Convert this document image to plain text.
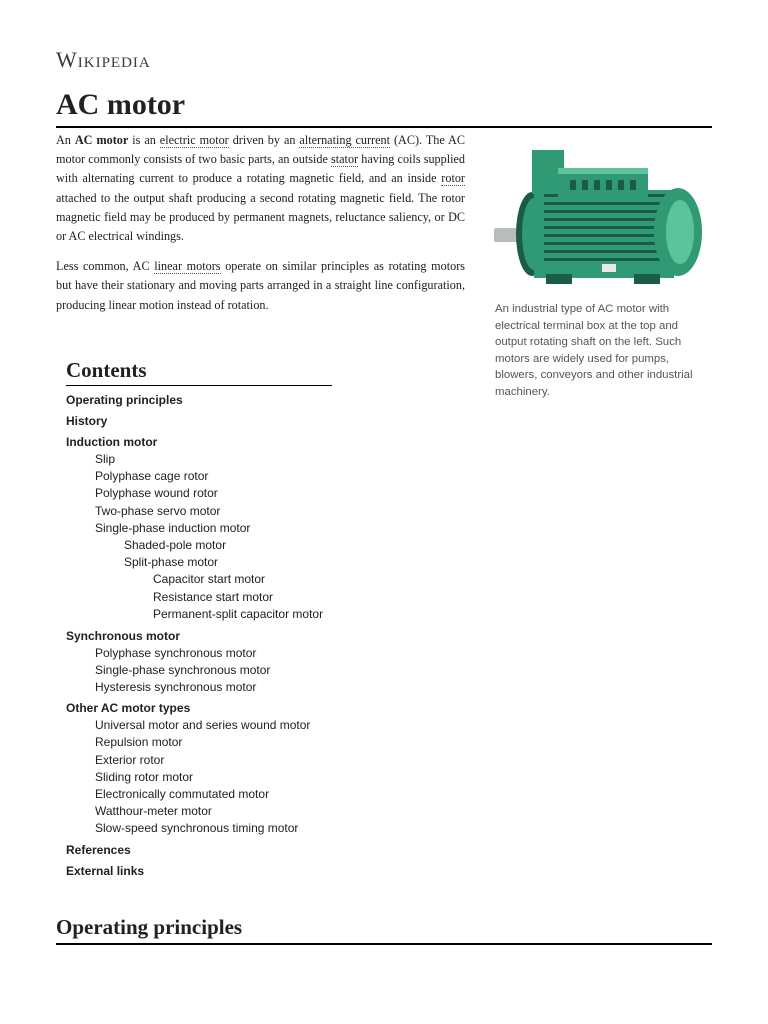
Wikipedia
AC motor

An AC motor is an electric motor driven by an alternating current (AC). The AC motor commonly consists of two basic parts, an outside stator having coils supplied with alternating current to produce a rotating magnetic field, and an inside rotor attached to the output shaft producing a second rotating magnetic field. The rotor magnetic field may be produced by permanent magnets, reluctance saliency, or DC or AC electrical windings.

Less common, AC linear motors operate on similar principles as rotating motors but have their stationary and moving parts arranged in a straight line configuration, producing linear motion instead of rotation.	An industrial type of AC motor with electrical terminal box at the top and output rotating shaft on the left. Such motors are widely used for pumps, blowers, conveyors and other industrial machinery.
Contents
Operating principles
History
Induction motor
Slip
Polyphase cage rotor
Polyphase wound rotor
Two-phase servo motor
Single-phase induction motor
Shaded-pole motor
Split-phase motor
Capacitor start motor
Resistance start motor
Permanent-split capacitor motor
Synchronous motor
Polyphase synchronous motor
Single-phase synchronous motor
Hysteresis synchronous motor
Other AC motor types
Universal motor and series wound motor
Repulsion motor
Exterior rotor
Sliding rotor motor
Electronically commutated motor
Watthour-meter motor
Slow-speed synchronous timing motor
References
External links
Operating principles
